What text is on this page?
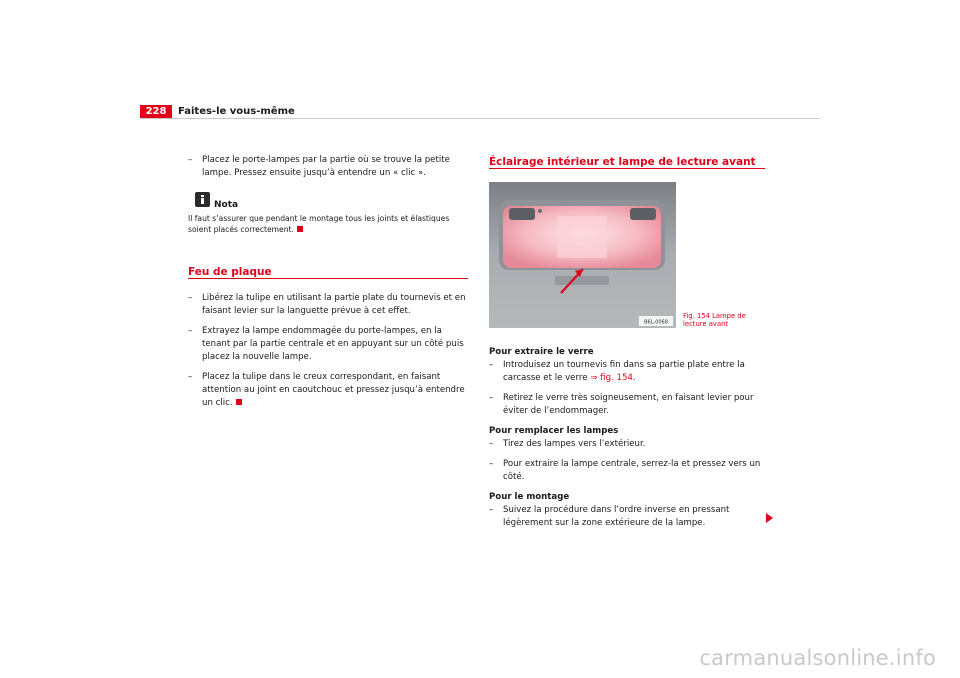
228	Faites-le vous-même

– Placez le porte-lampes par la partie où se trouve la petite lampe. Pressez ensuite jusqu’à entendre un « clic ».

Nota
Il faut s’assurer que pendant le montage tous les joints et élastiques soient placés correctement.
Feu de plaque

– Libérez la tulipe en utilisant la partie plate du tournevis et en faisant levier sur la languette prévue à cet effet.

– Extrayez la lampe endommagée du porte-lampes, en la tenant par la partie centrale et en appuyant sur un côté puis placez la nouvelle lampe.

– Placez la tulipe dans le creux correspondant, en faisant attention au joint en caoutchouc et pressez jusqu’à entendre un clic.

Éclairage intérieur et lampe de lecture avant
B6L-0068
Fig. 154 Lampe de lecture avant
Pour extraire le verre

– Introduisez un tournevis fin dans sa partie plate entre la carcasse et le verre ⇒ fig. 154.

– Retirez le verre très soigneusement, en faisant levier pour éviter de l’endommager.

Pour remplacer les lampes

– Tirez des lampes vers l’extérieur.

– Pour extraire la lampe centrale, serrez-la et pressez vers un côté.

Pour le montage

– Suivez la procédure dans l’ordre inverse en pressant légèrement sur la zone extérieure de la lampe.

carmanualsonline.info
